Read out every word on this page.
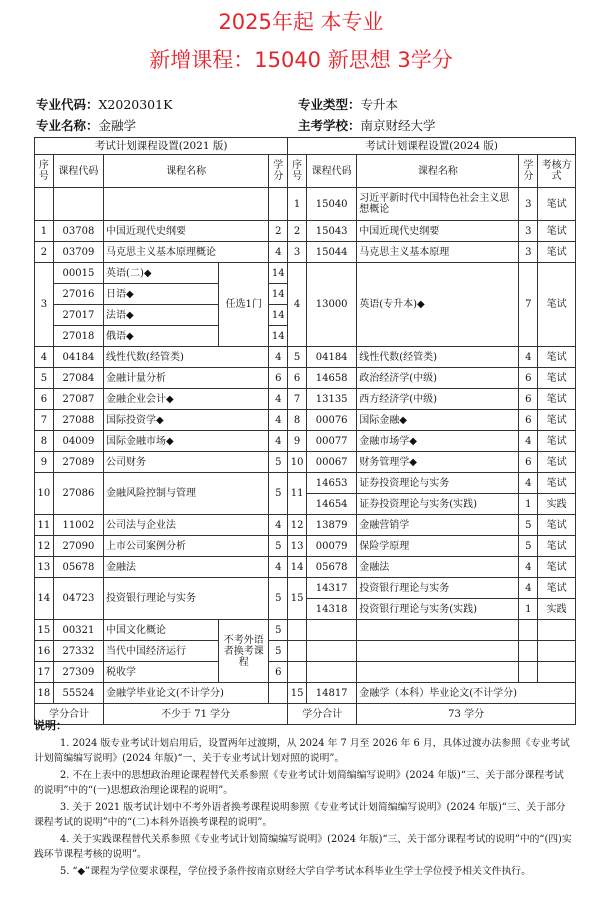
2025年起 本专业
新增课程：15040 新思想 3学分
专业代码：X2020301K
专业名称：金融学
专业类型：专升本
主考学校：南京财经大学
考试计划课程设置(2021 版)					考试计划课程设置(2024 版)				
序号	课程代码	课程名称		学分	序号	课程代码	课程名称	学分	考核方式
					1	15040	习近平新时代中国特色社会主义思想概论	3	笔试
1	03708	中国近现代史纲要		2	2	15043	中国近现代史纲要	3	笔试
2	03709	马克思主义基本原理概论		4	3	15044	马克思主义基本原理	3	笔试
3	00015	英语(二)◆	任选1门	14	4	13000	英语(专升本)◆	7	笔试
	27016	日语◆		14					
	27017	法语◆		14					
	27018	俄语◆		14					
4	04184	线性代数(经管类)		4	5	04184	线性代数(经管类)	4	笔试
5	27084	金融计量分析		6	6	14658	政治经济学(中级)	6	笔试
6	27087	金融企业会计◆		4	7	13135	西方经济学(中级)	6	笔试
7	27088	国际投资学◆		4	8	00076	国际金融◆	6	笔试
8	04009	国际金融市场◆		4	9	00077	金融市场学◆	4	笔试
9	27089	公司财务		5	10	00067	财务管理学◆	6	笔试
10	27086	金融风险控制与管理		5	11	14653	证券投资理论与实务	4	笔试
						14654	证券投资理论与实务(实践)	1	实践
11	11002	公司法与企业法		4	12	13879	金融营销学	5	笔试
12	27090	上市公司案例分析		5	13	00079	保险学原理	5	笔试
13	05678	金融法		4	14	05678	金融法	4	笔试
14	04723	投资银行理论与实务		5	15	14317	投资银行理论与实务	4	笔试
						14318	投资银行理论与实务(实践)	1	实践
15	00321	中国文化概论	不考外语者换考课程	5					
16	27332	当代中国经济运行		5					
17	27309	税收学		6					
18	55524	金融学毕业论文(不计学分)			15	14817	金融学（本科）毕业论文(不计学分)		
学分合计		不少于 71 学分			学分合计		73 学分		
说明：

1. 2024 版专业考试计划启用后，设置两年过渡期，从 2024 年 7 月至 2026 年 6 月，具体过渡办法参照《专业考试计划简编编写说明》(2024 年版)“一、关于专业考试计划对照的说明”。

2. 不在上表中的思想政治理论课程替代关系参照《专业考试计划简编编写说明》(2024 年版)“三、关于部分课程考试的说明”中的“(一)思想政治理论课程的说明”。

3. 关于 2021 版考试计划中不考外语者换考课程说明参照《专业考试计划简编编写说明》(2024 年版)“三、关于部分课程考试的说明”中的“(二)本科外语换考课程的说明”。

4. 关于实践课程替代关系参照《专业考试计划简编编写说明》(2024 年版)“三、关于部分课程考试的说明”中的“(四)实践环节课程考核的说明”。

5. “◆”课程为学位要求课程，学位授予条件按南京财经大学自学考试本科毕业生学士学位授予相关文件执行。
